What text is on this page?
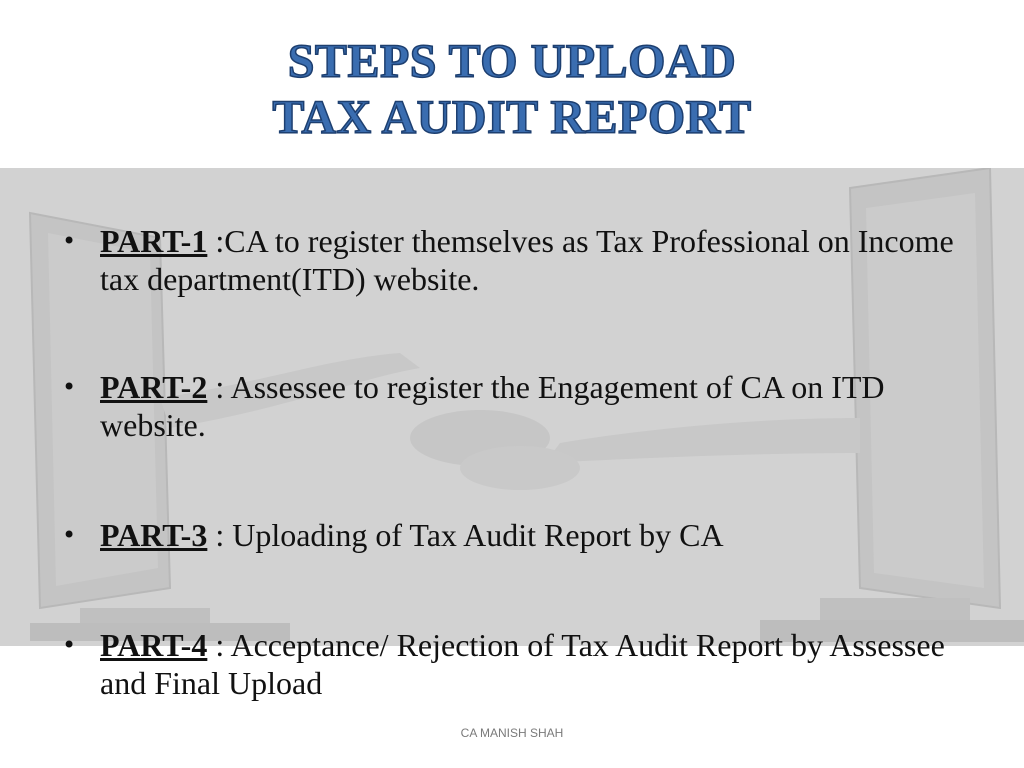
STEPS TO UPLOAD
TAX AUDIT REPORT
• PART-1 :CA to register themselves as Tax Professional on Income tax department(ITD) website.
• PART-2 : Assessee to register the Engagement of CA on ITD website.
• PART-3 : Uploading of Tax Audit Report by CA
• PART-4 : Acceptance/ Rejection of Tax Audit Report by Assessee and Final Upload
CA MANISH SHAH
